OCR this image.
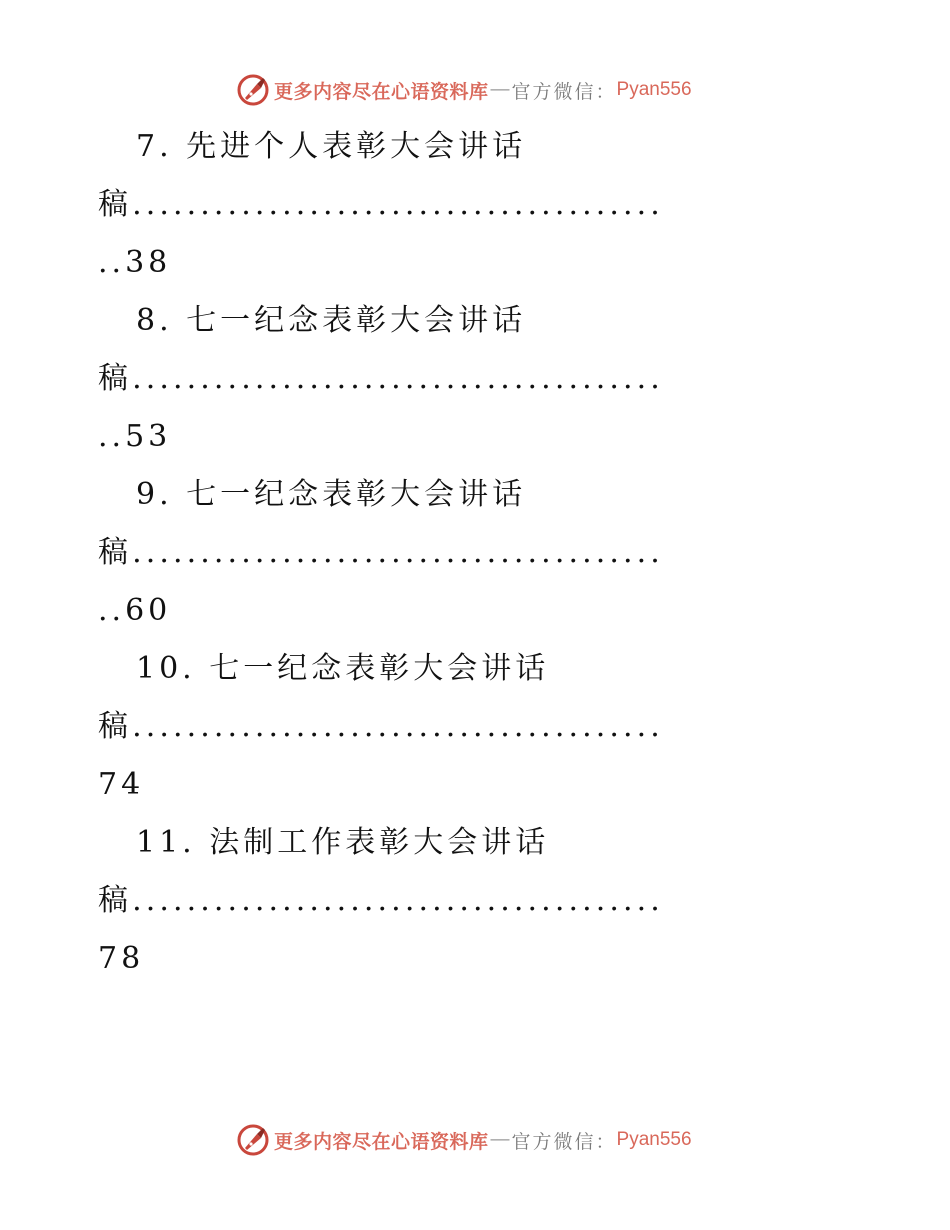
更多内容尽在心语资料库 — 官方微信： Pyan556
7. 先进个人表彰大会讲话
稿.......................................
..38
8. 七一纪念表彰大会讲话
稿.......................................
..53
9. 七一纪念表彰大会讲话
稿.......................................
..60
10. 七一纪念表彰大会讲话
稿.......................................
74
11. 法制工作表彰大会讲话
稿.......................................
78
更多内容尽在心语资料库 — 官方微信： Pyan556
